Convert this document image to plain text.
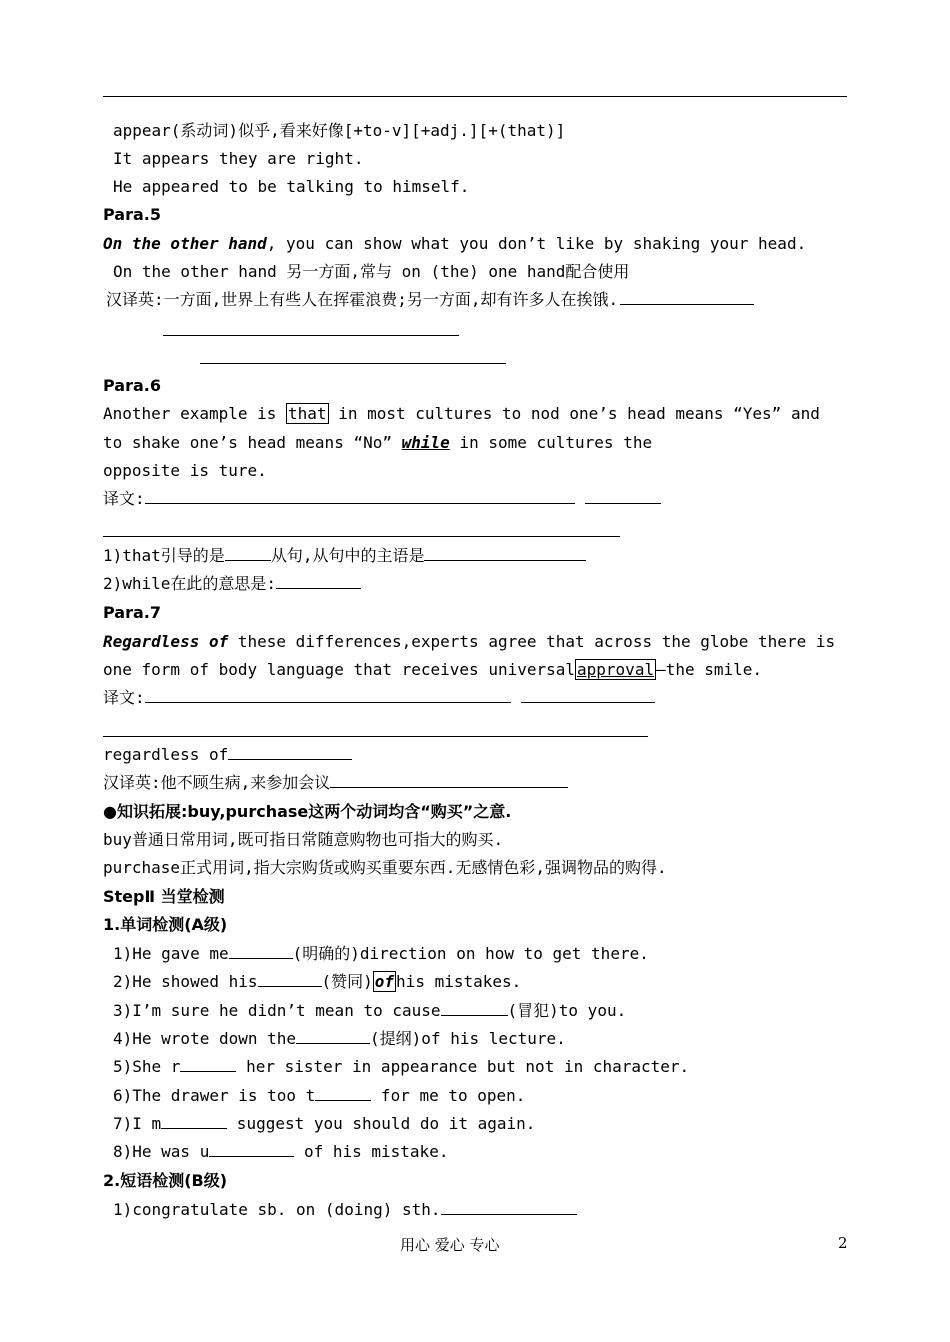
appear(系动词)似乎,看来好像[+to-v][+adj.][+(that)]
It appears they are right.
He appeared to be talking to himself.
Para.5
On the other hand, you can show what you don’t like by shaking your head.
On the other hand 另一方面,常与 on (the) one hand配合使用
汉译英:一方面,世界上有些人在挥霍浪费;另一方面,却有许多人在挨饿.
Para.6
Another example is that in most cultures to nod one’s head means “Yes” and
to shake one’s head means “No” while in some cultures the
opposite is ture.
译文:
1)that引导的是	从句,从句中的主语是
2)while在此的意思是:
Para.7
Regardless of these differences,experts agree that across the globe there is
one form of body language that receives universal approval —the smile.
译文:
regardless of
汉译英:他不顾生病,来参加会议
●知识拓展:buy,purchase这两个动词均含“购买”之意.
buy普通日常用词,既可指日常随意购物也可指大的购买.
purchase正式用词,指大宗购货或购买重要东西.无感情色彩,强调物品的购得.
StepⅡ 当堂检测
1.单词检测(A级)
1)He gave me	(明确的)direction on how to get there.
2)He showed his	(赞同) of his mistakes.
3)I’m sure he didn’t mean to cause	(冒犯)to you.
4)He wrote down the	(提纲)of his lecture.
5)She r	her sister in appearance but not in character.
6)The drawer is too t	for me to open.
7)I m	suggest you should do it again.
8)He was u	of his mistake.
2.短语检测(B级)
1)congratulate sb. on (doing) sth.
用心 爱心 专心	2
